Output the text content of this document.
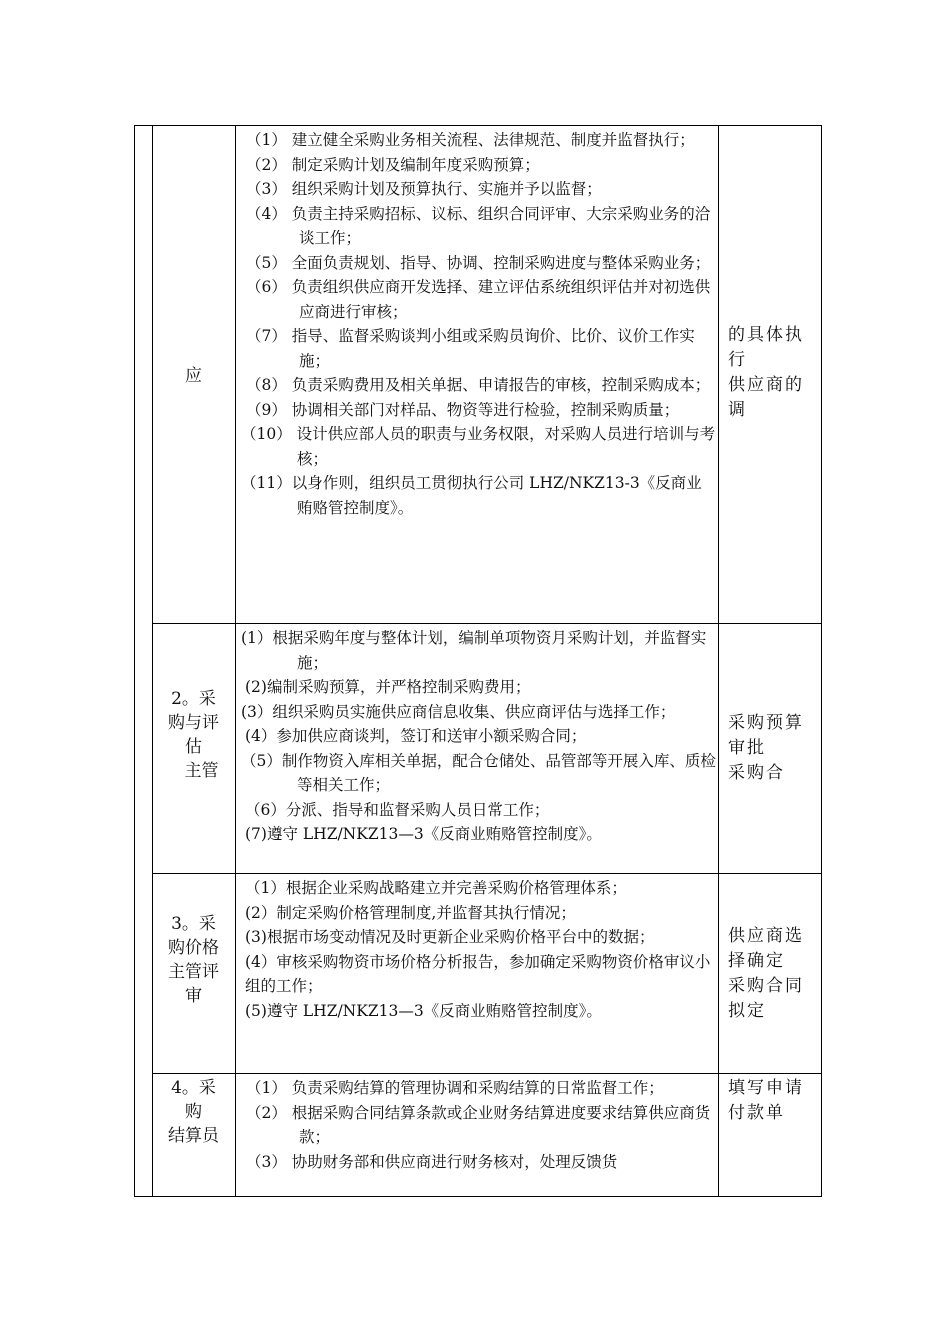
应
（1） 建立健全采购业务相关流程、法律规范、制度并监督执行；
（2） 制定采购计划及编制年度采购预算；
（3） 组织采购计划及预算执行、实施并予以监督；
（4） 负责主持采购招标、议标、组织合同评审、大宗采购业务的洽谈工作；
（5） 全面负责规划、指导、协调、控制采购进度与整体采购业务；
（6） 负责组织供应商开发选择、建立评估系统组织评估并对初选供应商进行审核；
（7） 指导、监督采购谈判小组或采购员询价、比价、议价工作实施；
（8） 负责采购费用及相关单据、申请报告的审核，控制采购成本；
（9） 协调相关部门对样品、物资等进行检验，控制采购质量；
（10） 设计供应部人员的职责与业务权限，对采购人员进行培训与考核；
（11）以身作则，组织员工贯彻执行公司 LHZ/NKZ13-3《反商业贿赂管控制度》。
的具体执
行
供应商的
调
2。采
购与评
估
主管
(1）根据采购年度与整体计划，编制单项物资月采购计划，并监督实施；
(2)编制采购预算，并严格控制采购费用；
(3）组织采购员实施供应商信息收集、供应商评估与选择工作；
(4）参加供应商谈判，签订和送审小额采购合同；
（5）制作物资入库相关单据，配合仓储处、品管部等开展入库、质检等相关工作；
（6）分派、指导和监督采购人员日常工作；
(7)遵守 LHZ/NKZ13—3《反商业贿赂管控制度》。
采购预算
审批
采购合
3。采
购价格
主管评
审
（1）根据企业采购战略建立并完善采购价格管理体系；
(2）制定采购价格管理制度,并监督其执行情况；
(3)根据市场变动情况及时更新企业采购价格平台中的数据；
(4）审核采购物资市场价格分析报告，参加确定采购物资价格审议小组的工作；
(5)遵守 LHZ/NKZ13—3《反商业贿赂管控制度》。
供应商选
择确定
采购合同
拟定
4。采
购
结算员
（1） 负责采购结算的管理协调和采购结算的日常监督工作；
（2） 根据采购合同结算条款或企业财务结算进度要求结算供应商货款；
（3） 协助财务部和供应商进行财务核对，处理反馈货
填写申请
付款单
